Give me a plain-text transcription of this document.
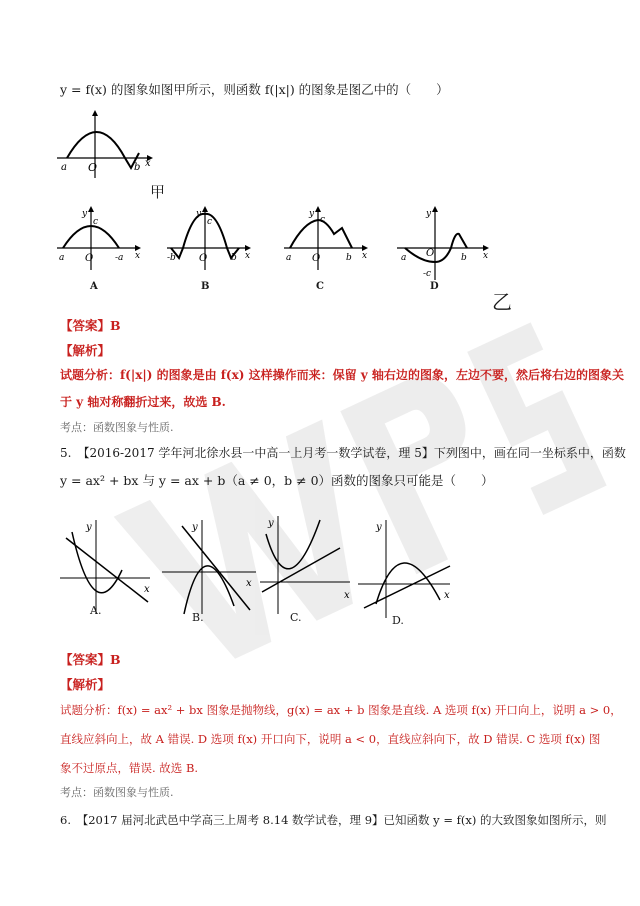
y = f(x) 的图象如图甲所示，则函数 f(|x|) 的图象是图乙中的（　　）
a O	b x
甲
c
y
a O -a x
A
c
y
-b O	b x
B
c
y
a O	b x
C
y
a O
-c
b x
D
乙
【答案】B
【解析】
试题分析：f(|x|) 的图象是由 f(x) 这样操作而来：保留 y 轴右边的图象，左边不要，然后将右边的图象关
于 y 轴对称翻折过来，故选 B.
考点：函数图象与性质.
5.　【2016-2017 学年河北徐水县一中高一上月考一数学试卷，理 5】下列图中，画在同一坐标系中，函数
y = ax² + bx 与 y = ax + b（a ≠ 0，b ≠ 0）函数的图象只可能是（　　）
x
y
A.
x
y
B.
x
y
C.
x
y
D.
【答案】B
【解析】
试题分析：f(x) = ax² + bx 图象是抛物线，g(x) = ax + b 图象是直线. A 选项 f(x) 开口向上，说明 a > 0，
直线应斜向上，故 A 错误. D 选项 f(x) 开口向下，说明 a < 0，直线应斜向下，故 D 错误. C 选项 f(x) 图
象不过原点，错误. 故选 B.
考点：函数图象与性质.
6.　【2017 届河北武邑中学高三上周考 8.14 数学试卷，理 9】已知函数 y = f(x) 的大致图象如图所示，则
